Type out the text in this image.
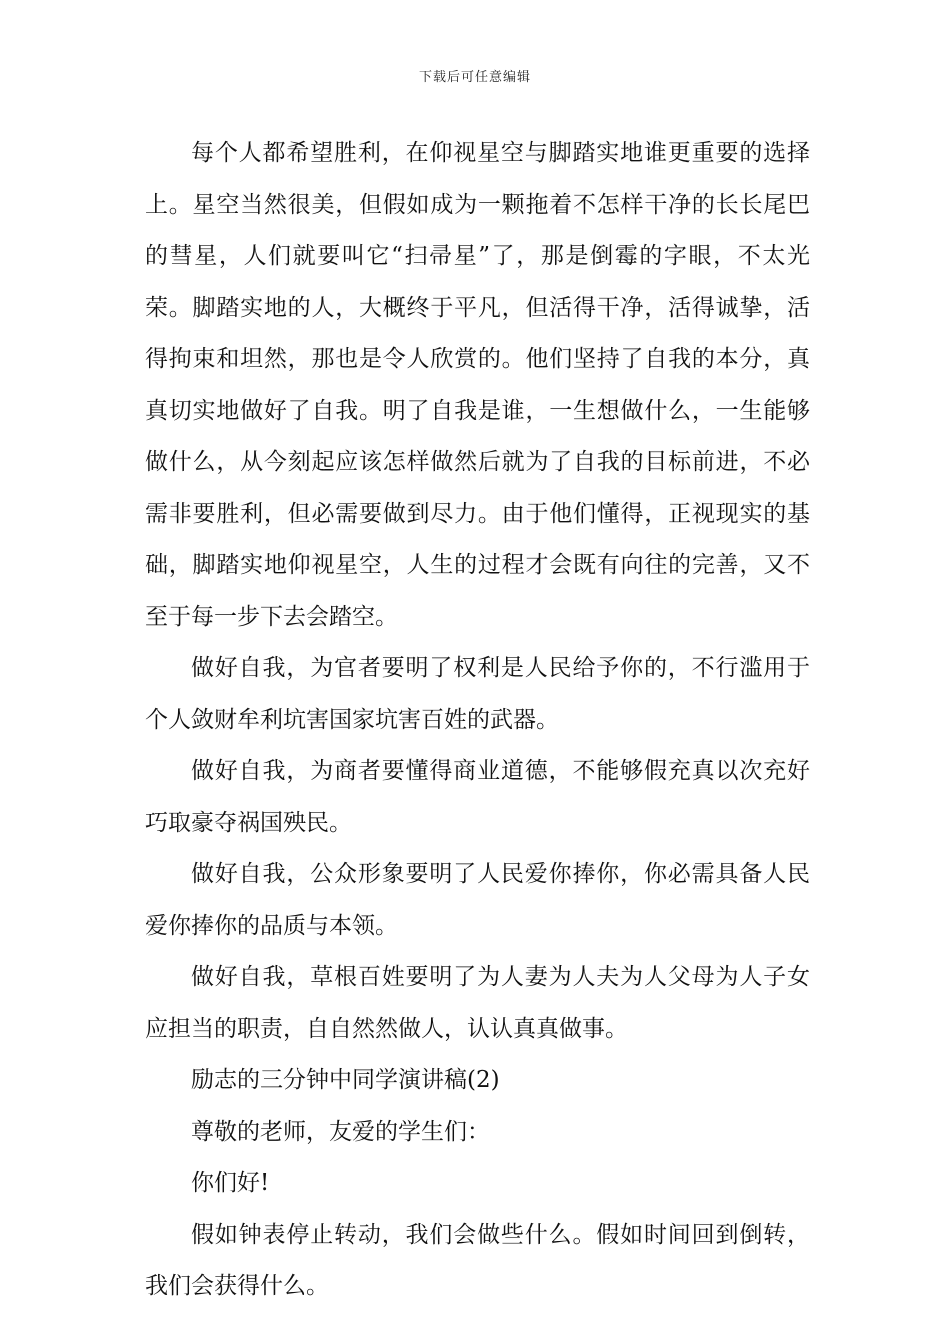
下载后可任意编辑

每个人都希望胜利，在仰视星空与脚踏实地谁更重要的选择上。星空当然很美，但假如成为一颗拖着不怎样干净的长长尾巴的彗星，人们就要叫它“扫帚星”了，那是倒霉的字眼，不太光荣。脚踏实地的人，大概终于平凡，但活得干净，活得诚挚，活得拘束和坦然，那也是令人欣赏的。他们坚持了自我的本分，真真切实地做好了自我。明了自我是谁，一生想做什么，一生能够做什么，从今刻起应该怎样做然后就为了自我的目标前进，不必需非要胜利，但必需要做到尽力。由于他们懂得，正视现实的基础，脚踏实地仰视星空，人生的过程才会既有向往的完善，又不至于每一步下去会踏空。

做好自我，为官者要明了权利是人民给予你的，不行滥用于个人敛财牟利坑害国家坑害百姓的武器。

做好自我，为商者要懂得商业道德，不能够假充真以次充好巧取豪夺祸国殃民。

做好自我，公众形象要明了人民爱你捧你，你必需具备人民爱你捧你的品质与本领。

做好自我，草根百姓要明了为人妻为人夫为人父母为人子女应担当的职责，自自然然做人，认认真真做事。

励志的三分钟中同学演讲稿(2)

尊敬的老师，友爱的学生们：

你们好!

假如钟表停止转动，我们会做些什么。假如时间回到倒转，我们会获得什么。
